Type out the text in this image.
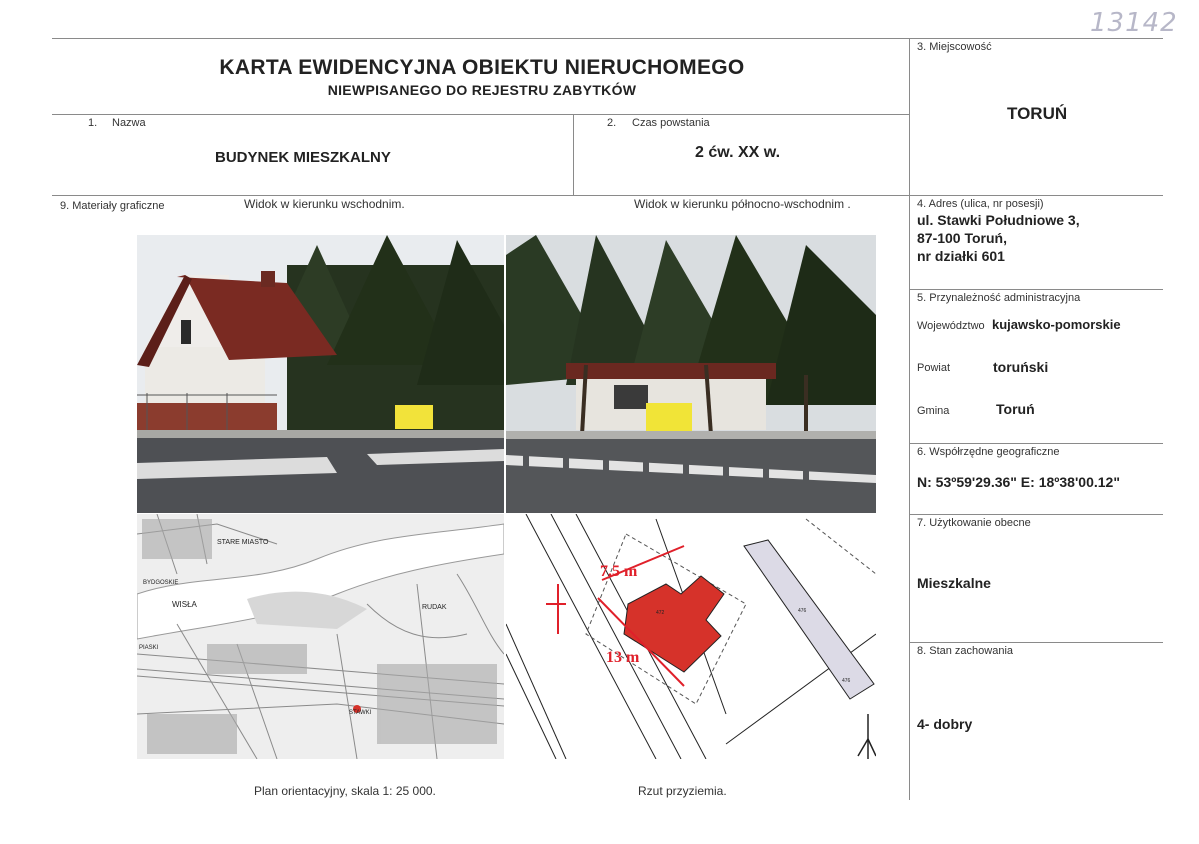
13142
KARTA EWIDENCYJNA OBIEKTU NIERUCHOMEGO
NIEWPISANEGO DO REJESTRU ZABYTKÓW
1. Nazwa
BUDYNEK MIESZKALNY
2. Czas powstania
2 ćw. XX w.
3. Miejscowość
TORUŃ
4. Adres (ulica, nr posesji)
ul. Stawki Południowe 3,
87-100 Toruń,
nr działki 601
5. Przynależność administracyjna
Województwo kujawsko-pomorskie
Powiat	toruński
Gmina	Toruń
6. Współrzędne geograficzne
N: 53º59'29.36" E: 18º38'00.12"
7. Użytkowanie obecne
Mieszkalne
8. Stan zachowania
4- dobry
9. Materiały graficzne	Widok w kierunku wschodnim.	Widok w kierunku północno-wschodnim .
Plan orientacyjny, skala 1: 25 000.	Rzut przyziemia.
STARE MIASTO
WISŁA	RUDAK
PIASKI
STAWKI
BYDGOSKIE
472	476
476
7.5 m
13 m
